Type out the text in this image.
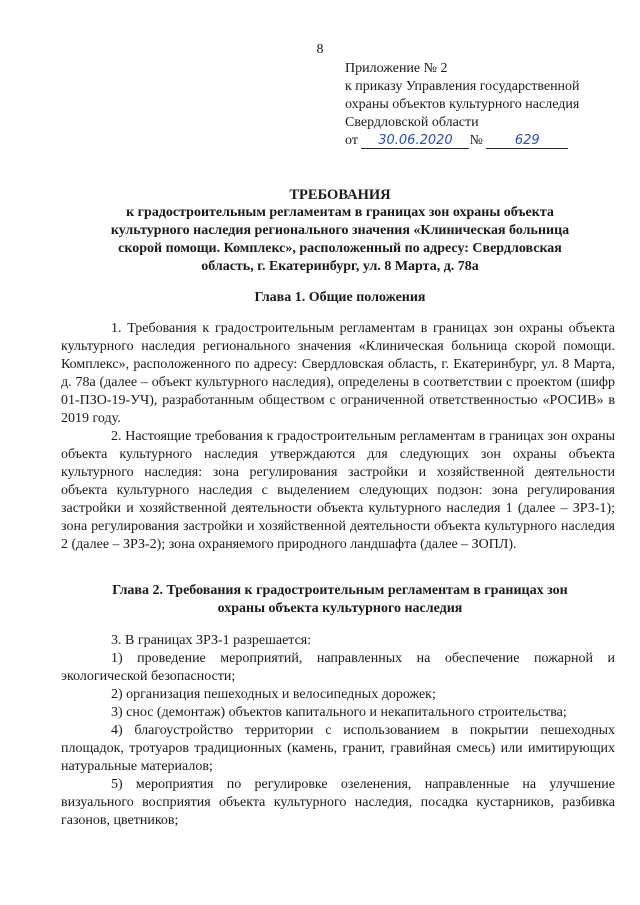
8
Приложение № 2
к приказу Управления государственной
охраны объектов культурного наследия
Свердловской области
от 30.06.2020 № 629
ТРЕБОВАНИЯ
к градостроительным регламентам в границах зон охраны объекта
культурного наследия регионального значения «Клиническая больница
скорой помощи. Комплекс», расположенный по адресу: Свердловская
область, г. Екатеринбург, ул. 8 Марта, д. 78а
Глава 1. Общие положения

1. Требования к градостроительным регламентам в границах зон охраны объекта культурного наследия регионального значения «Клиническая больница скорой помощи. Комплекс», расположенного по адресу: Свердловская область, г. Екатеринбург, ул. 8 Марта, д. 78а (далее – объект культурного наследия), определены в соответствии с проектом (шифр 01-ПЗО-19-УЧ), разработанным обществом с ограниченной ответственностью «РОСИВ» в 2019 году.

2. Настоящие требования к градостроительным регламентам в границах зон охраны объекта культурного наследия утверждаются для следующих зон охраны объекта культурного наследия: зона регулирования застройки и хозяйственной деятельности объекта культурного наследия с выделением следующих подзон: зона регулирования застройки и хозяйственной деятельности объекта культурного наследия 1 (далее – ЗРЗ-1); зона регулирования застройки и хозяйственной деятельности объекта культурного наследия 2 (далее – ЗРЗ-2); зона охраняемого природного ландшафта (далее – ЗОПЛ).

Глава 2. Требования к градостроительным регламентам в границах зон
охраны объекта культурного наследия

3. В границах ЗРЗ-1 разрешается:

1) проведение мероприятий, направленных на обеспечение пожарной и экологической безопасности;

2) организация пешеходных и велосипедных дорожек;

3) снос (демонтаж) объектов капитального и некапитального строительства;

4) благоустройство территории с использованием в покрытии пешеходных площадок, тротуаров традиционных (камень, гранит, гравийная смесь) или имитирующих натуральные материалов;

5) мероприятия по регулировке озеленения, направленные на улучшение визуального восприятия объекта культурного наследия, посадка кустарников, разбивка газонов, цветников;
